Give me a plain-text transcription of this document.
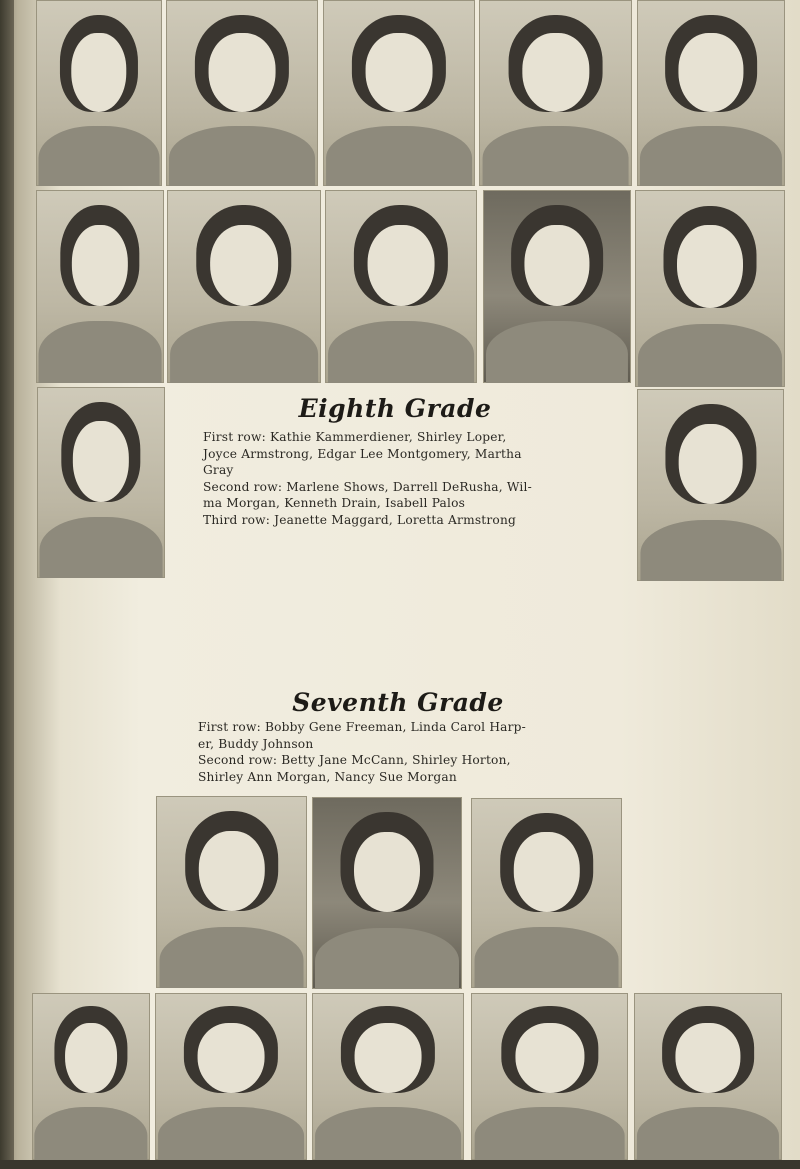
Eighth Grade
First row: Kathie Kammerdiener, Shirley Loper,
Joyce Armstrong, Edgar Lee Montgomery, Martha
Gray
Second row: Marlene Shows, Darrell DeRusha, Wil-
ma Morgan, Kenneth Drain, Isabell Palos
Third row: Jeanette Maggard, Loretta Armstrong
Seventh Grade
First row: Bobby Gene Freeman, Linda Carol Harp-
er, Buddy Johnson
Second row: Betty Jane McCann, Shirley Horton,
Shirley Ann Morgan, Nancy Sue Morgan
